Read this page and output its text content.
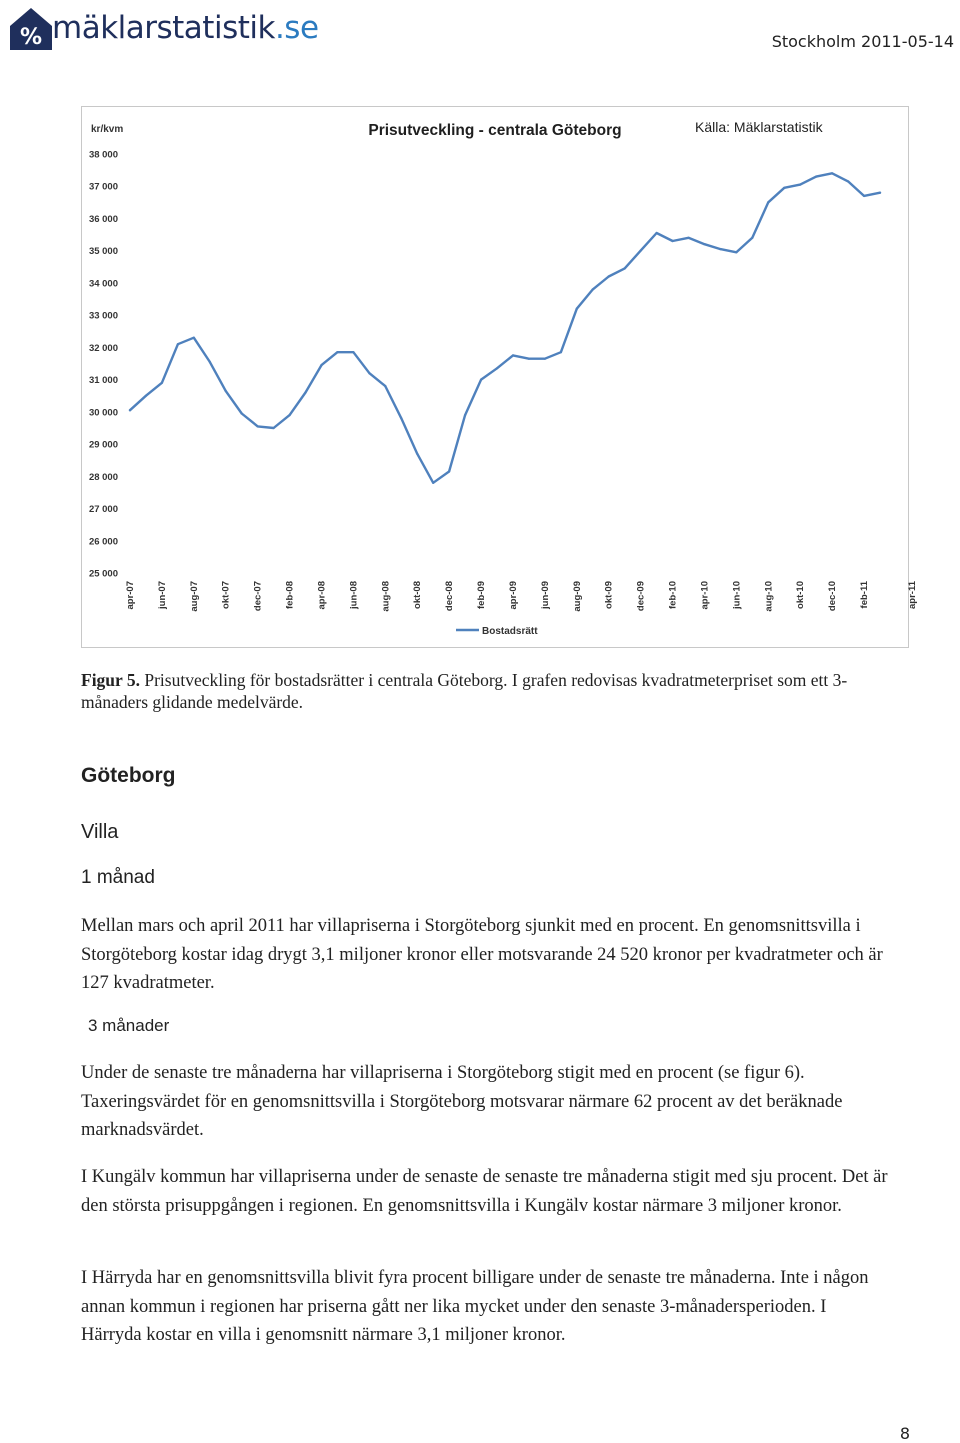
% mäklarstatistik.se	Stockholm 2011-05-14
kr/kvm	Prisutveckling - centrala Göteborg	Källa: Mäklarstatistik
25 000
26 000
27 000
28 000
29 000
30 000
31 000
32 000
33 000
34 000
35 000
36 000
37 000
38 000
apr-07 jun-07 aug-07 okt-07 dec-07 feb-08 apr-08 jun-08 aug-08 okt-08 dec-08 feb-09 apr-09 jun-09 aug-09 okt-09 dec-09 feb-10 apr-10 jun-10 aug-10 okt-10 dec-10 feb-11	apr-11
Bostadsrätt
Figur 5. Prisutveckling för bostadsrätter i centrala Göteborg. I grafen redovisas kvadratmeterpriset som ett 3-månaders glidande medelvärde.
Göteborg
Villa
1 månad
Mellan mars och april 2011 har villapriserna i Storgöteborg sjunkit med en procent. En genomsnittsvilla i Storgöteborg kostar idag drygt 3,1 miljoner kronor eller motsvarande 24 520 kronor per kvadratmeter och är 127 kvadratmeter.
3 månader
Under de senaste tre månaderna har villapriserna i Storgöteborg stigit med en procent (se figur 6). Taxeringsvärdet för en genomsnittsvilla i Storgöteborg motsvarar närmare 62 procent av det beräknade marknadsvärdet.
I Kungälv kommun har villapriserna under de senaste de senaste tre månaderna stigit med sju procent. Det är den största prisuppgången i regionen. En genomsnittsvilla i Kungälv kostar närmare 3 miljoner kronor.
I Härryda har en genomsnittsvilla blivit fyra procent billigare under de senaste tre månaderna. Inte i någon annan kommun i regionen har priserna gått ner lika mycket under den senaste 3-månadersperioden. I Härryda kostar en villa i genomsnitt närmare 3,1 miljoner kronor.
8
